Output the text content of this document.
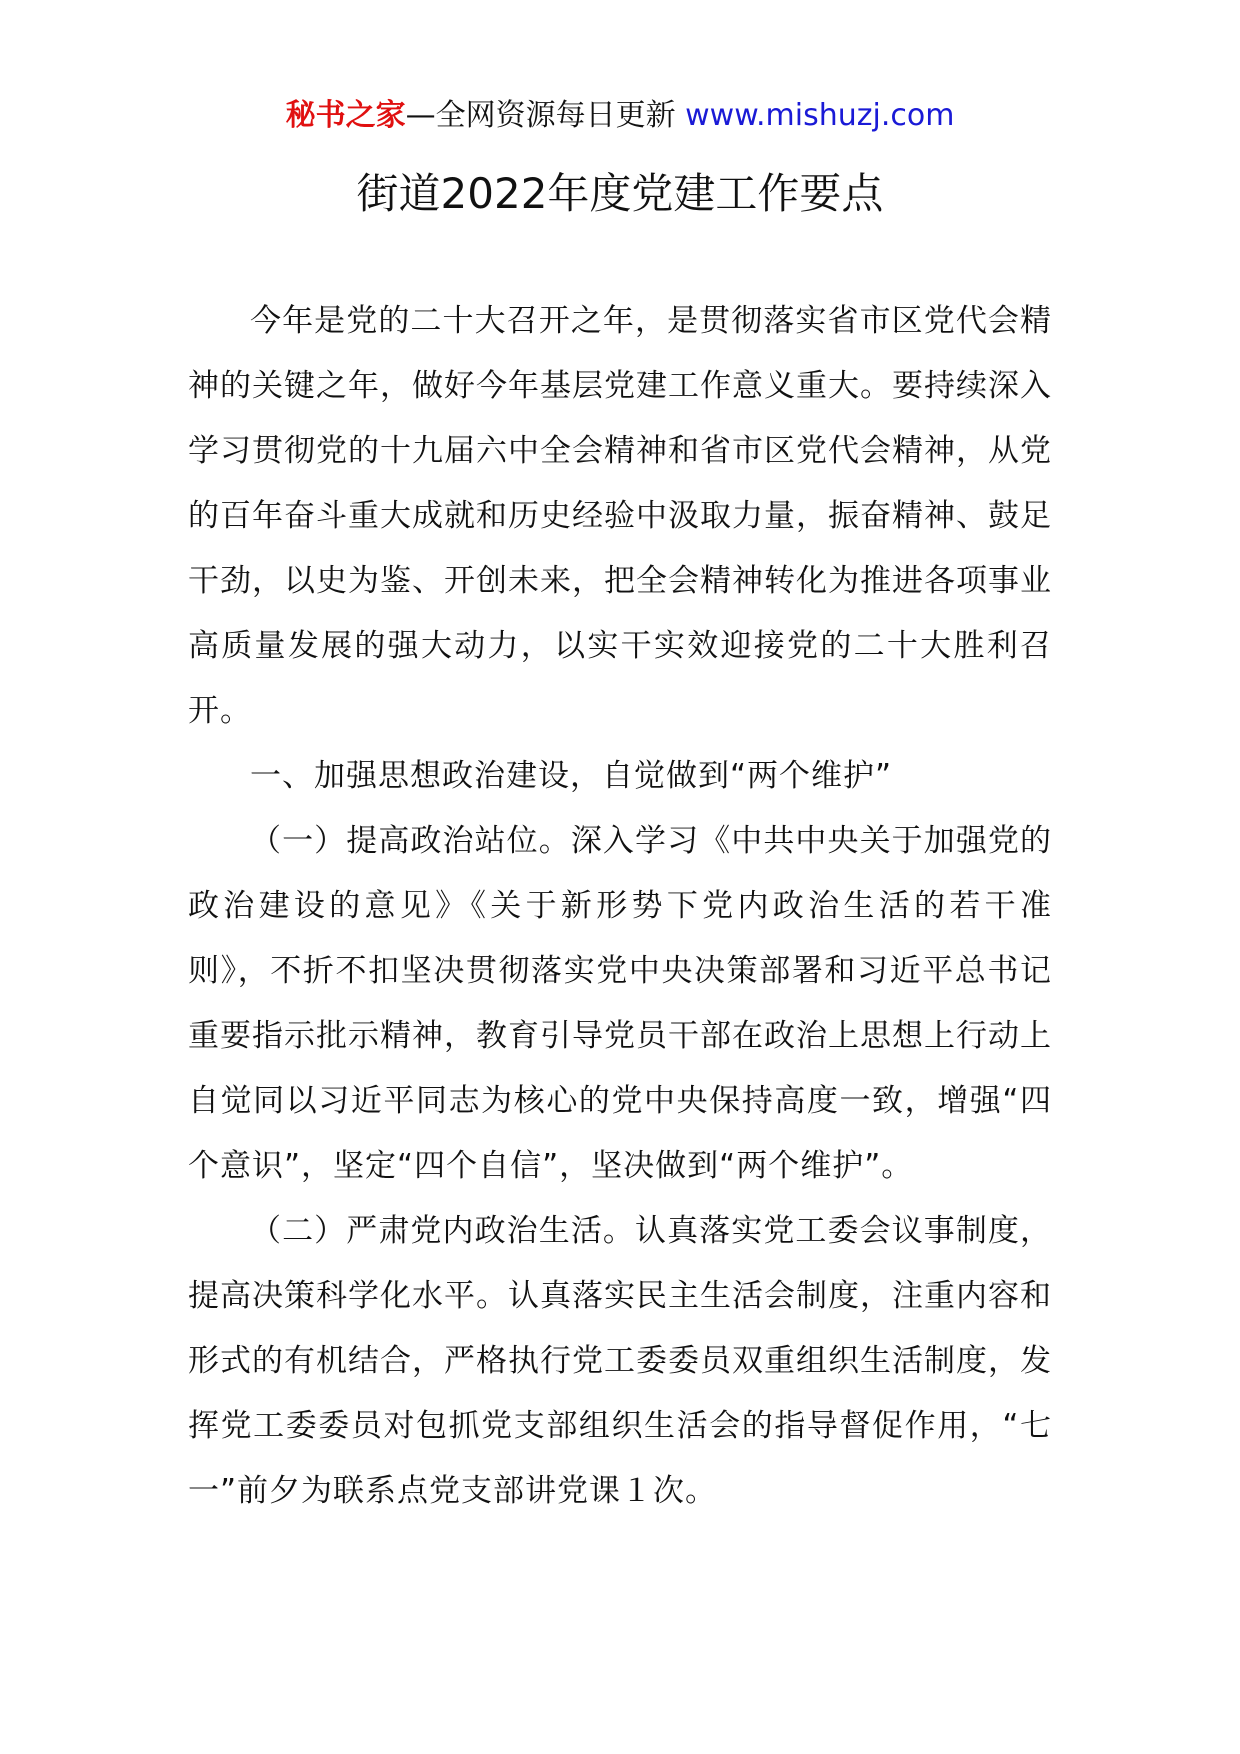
秘书之家—全网资源每日更新 www.mishuzj.com
街道2022年度党建工作要点

今年是党的二十大召开之年，是贯彻落实省市区党代会精神的关键之年，做好今年基层党建工作意义重大。要持续深入学习贯彻党的十九届六中全会精神和省市区党代会精神，从党的百年奋斗重大成就和历史经验中汲取力量，振奋精神、鼓足干劲，以史为鉴、开创未来，把全会精神转化为推进各项事业高质量发展的强大动力，以实干实效迎接党的二十大胜利召开。

一、加强思想政治建设，自觉做到“两个维护”

（一）提高政治站位。深入学习《中共中央关于加强党的政治建设的意见》《关于新形势下党内政治生活的若干准则》，不折不扣坚决贯彻落实党中央决策部署和习近平总书记重要指示批示精神，教育引导党员干部在政治上思想上行动上自觉同以习近平同志为核心的党中央保持高度一致，增强“四个意识”，坚定“四个自信”，坚决做到“两个维护”。

（二）严肃党内政治生活。认真落实党工委会议事制度，提高决策科学化水平。认真落实民主生活会制度，注重内容和形式的有机结合，严格执行党工委委员双重组织生活制度，发挥党工委委员对包抓党支部组织生活会的指导督促作用，“七一”前夕为联系点党支部讲党课１次。
